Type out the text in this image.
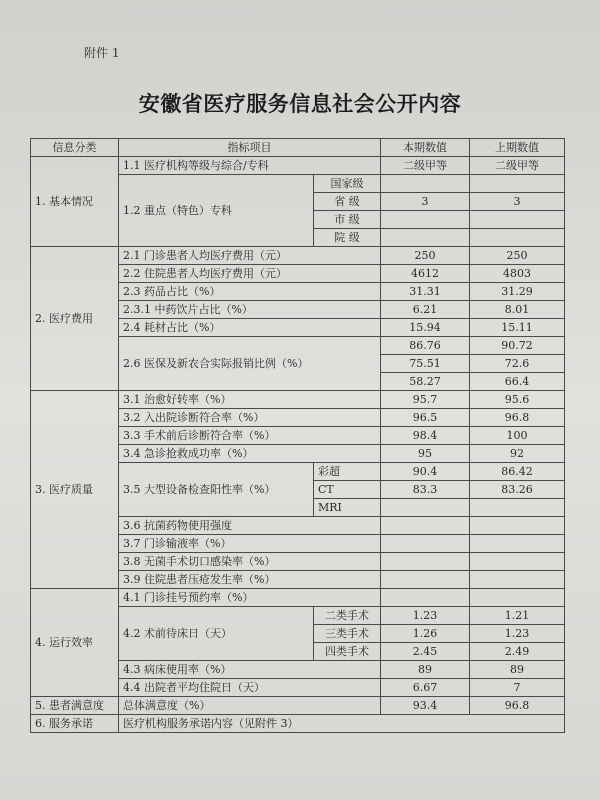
附件 1
安徽省医疗服务信息社会公开内容
信息分类	指标项目		本期数值	上期数值
1. 基本情况	1.1 医疗机构等级与综合/专科		二级甲等	二级甲等
	1.2 重点（特色）专科	国家级		
		省 级	3	3
		市 级		
		院 级		
2. 医疗费用	2.1 门诊患者人均医疗费用（元）		250	250
	2.2 住院患者人均医疗费用（元）		4612	4803
	2.3 药品占比（%）		31.31	31.29
	2.3.1 中药饮片占比（%）		6.21	8.01
	2.4 耗材占比（%）		15.94	15.11
	2.6 医保及新农合实际报销比例（%）		86.76	90.72
			75.51	72.6
			58.27	66.4
3. 医疗质量	3.1 治愈好转率（%）		95.7	95.6
	3.2 入出院诊断符合率（%）		96.5	96.8
	3.3 手术前后诊断符合率（%）		98.4	100
	3.4 急诊抢救成功率（%）		95	92
	3.5 大型设备检查阳性率（%）	彩超	90.4	86.42
		CT	83.3	83.26
		MRI		
	3.6 抗菌药物使用强度			
	3.7 门诊输液率（%）			
	3.8 无菌手术切口感染率（%）			
	3.9 住院患者压疮发生率（%）			
4. 运行效率	4.1 门诊挂号预约率（%）			
	4.2 术前待床日（天）	二类手术	1.23	1.21
		三类手术	1.26	1.23
		四类手术	2.45	2.49
	4.3 病床使用率（%）		89	89
	4.4 出院者平均住院日（天）		6.67	7
5. 患者满意度	总体满意度（%）		93.4	96.8
6. 服务承诺	医疗机构服务承诺内容（见附件 3）			
